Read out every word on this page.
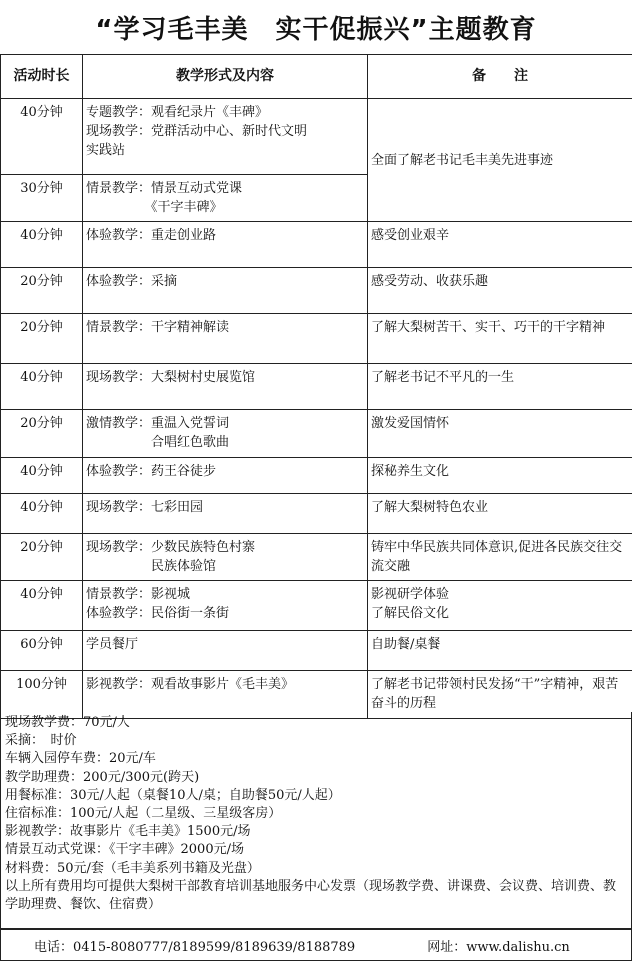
“学习毛丰美　实干促振兴”主题教育
活动时长	教学形式及内容	备　　注
40分钟	专题教学：观看纪录片《丰碑》
现场教学：党群活动中心、新时代文明
实践站	全面了解老书记毛丰美先进事迹
30分钟	情景教学：情景互动式党课
　　　　　《干字丰碑》	

40分钟	体验教学：重走创业路	感受创业艰辛
20分钟	体验教学：采摘	感受劳动、收获乐趣
20分钟	情景教学：干字精神解读	了解大梨树苦干、实干、巧干的干字精神
40分钟	现场教学：大梨树村史展览馆	了解老书记不平凡的一生
20分钟	激情教学：重温入党誓词
　　　　　合唱红色歌曲	激发爱国情怀
40分钟	体验教学：药王谷徒步	探秘养生文化
40分钟	现场教学：七彩田园	了解大梨树特色农业
20分钟	现场教学：少数民族特色村寨
　　　　　民族体验馆	铸牢中华民族共同体意识,促进各民族交往交流交融
40分钟	情景教学：影视城
体验教学：民俗街一条街	影视研学体验
了解民俗文化

60分钟	学员餐厅	自助餐/桌餐
100分钟	影视教学：观看故事影片《毛丰美》	了解老书记带领村民发扬“干”字精神，艰苦奋斗的历程
现场教学费：70元/人
采摘：　时价
车辆入园停车费：20元/车
教学助理费：200元/300元(跨天)
用餐标准：30元/人起（桌餐10人/桌；自助餐50元/人起）
住宿标准：100元/人起（二星级、三星级客房）
影视教学：故事影片《毛丰美》1500元/场
情景互动式党课：《干字丰碑》2000元/场
材料费：50元/套（毛丰美系列书籍及光盘）
以上所有费用均可提供大梨树干部教育培训基地服务中心发票（现场教学费、讲课费、会议费、培训费、教学助理费、餐饮、住宿费）
电话：0415-8080777/8189599/8189639/8188789	网址：www.dalishu.cn
